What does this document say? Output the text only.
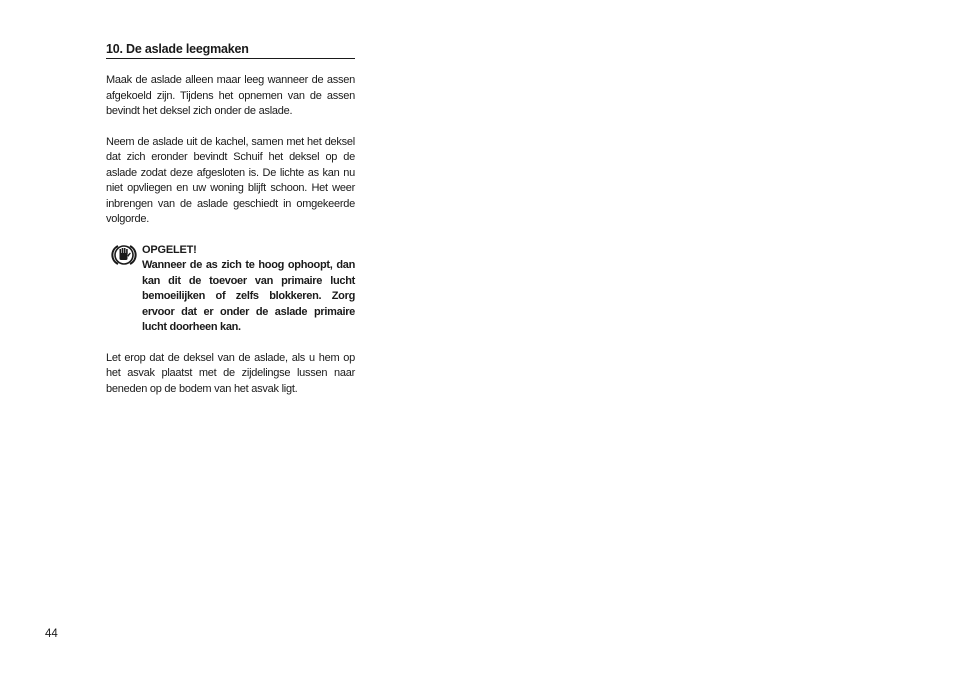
10. De aslade leegmaken

Maak de aslade alleen maar leeg wanneer de assen afgekoeld zijn. Tijdens het opnemen van de assen bevindt het deksel zich onder de aslade.

Neem de aslade uit de kachel, samen met het deksel dat zich eronder bevindt Schuif het deksel op de aslade zodat deze afgesloten is. De lichte as kan nu niet opvliegen en uw woning blijft schoon. Het weer inbrengen van de aslade geschiedt in omgekeerde volgorde.

OPGELET!
Wanneer de as zich te hoog ophoopt, dan kan dit de toevoer van primaire lucht bemoeilijken of zelfs blokkeren. Zorg ervoor dat er onder de aslade primaire lucht doorheen kan.

Let erop dat de deksel van de aslade, als u hem op het asvak plaatst met de zijdelingse lussen naar beneden op de bodem van het asvak ligt.

44
